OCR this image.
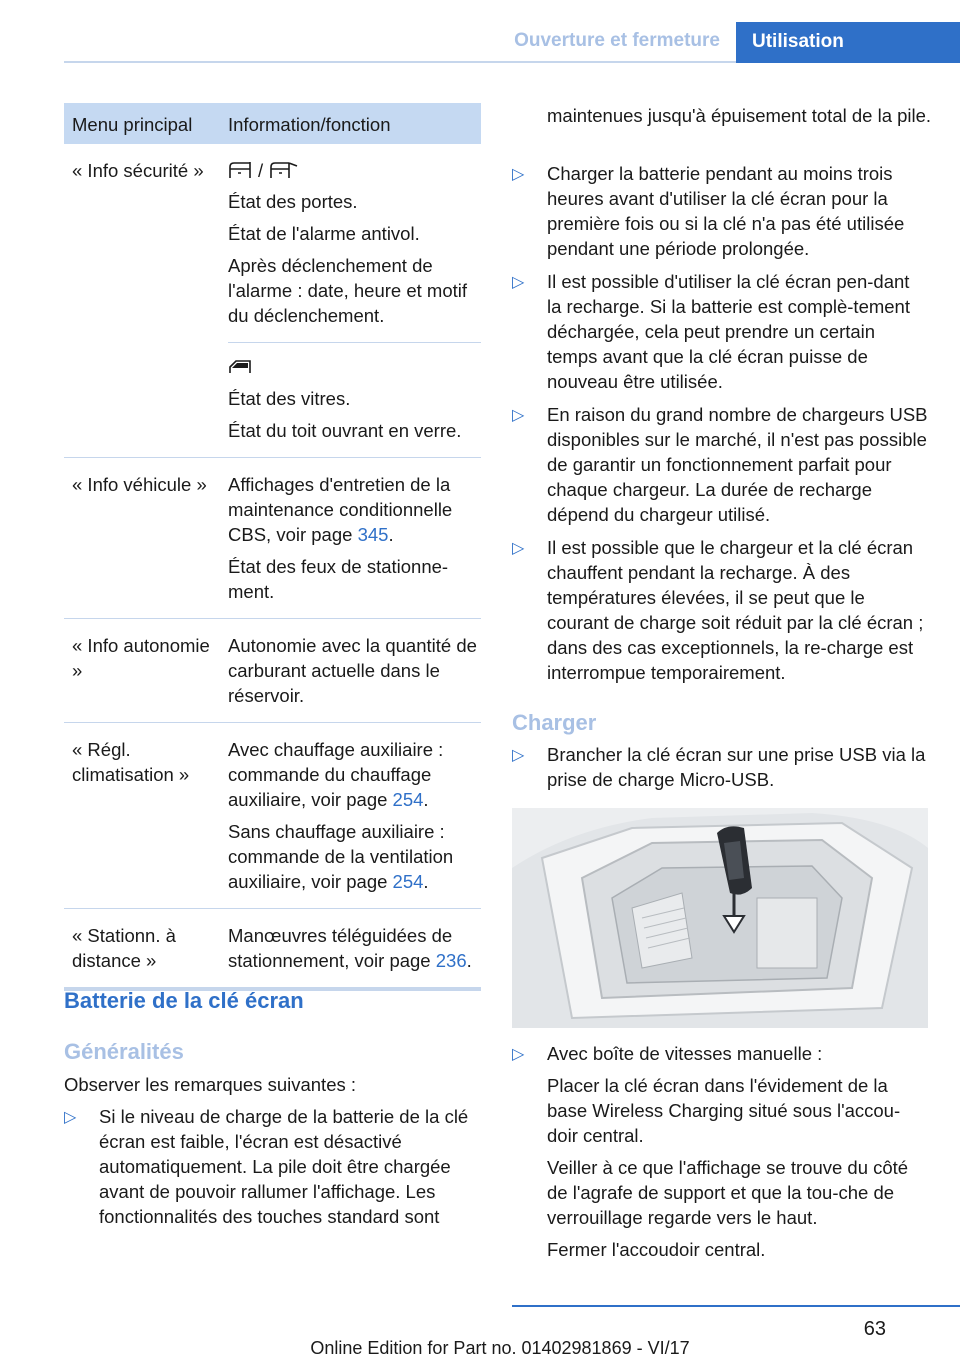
Ouverture et fermeture Utilisation
Menu principal Information/fonction
« Info sécurité »	/

État des portes.

État de l'alarme antivol.

Après déclenchement de l'alarme : date, heure et motif du déclenchement.

État des vitres.

État du toit ouvrant en verre.

« Info véhicule »	Affichages d'entretien de la maintenance conditionnelle CBS, voir page 345.

État des feux de stationne‐ment.

« Info autonomie »

Autonomie avec la quantité de carburant actuelle dans le réservoir.

« Régl. climatisation »

Avec chauffage auxiliaire : commande du chauffage auxiliaire, voir page 254.

Sans chauffage auxiliaire : commande de la ventilation auxiliaire, voir page 254.

« Stationn. à distance »

Manœuvres téléguidées de stationnement, voir page 236.

Batterie de la clé écran
Généralités
Observer les remarques suivantes :
▷ Si le niveau de charge de la batterie de la clé écran est faible, l'écran est désactivé automatiquement. La pile doit être chargée avant de pouvoir rallumer l'affichage. Les fonctionnalités des touches standard sont
maintenues jusqu'à épuisement total de la pile.
▷ Charger la batterie pendant au moins trois heures avant d'utiliser la clé écran pour la première fois ou si la clé n'a pas été utilisée pendant une période prolongée.
▷ Il est possible d'utiliser la clé écran pen‐dant la recharge. Si la batterie est complè‐tement déchargée, cela peut prendre un certain temps avant que la clé écran puisse de nouveau être utilisée.
▷ En raison du grand nombre de chargeurs USB disponibles sur le marché, il n'est pas possible de garantir un fonctionnement parfait pour chaque chargeur. La durée de recharge dépend du chargeur utilisé.
▷ Il est possible que le chargeur et la clé écran chauffent pendant la recharge. À des températures élevées, il se peut que le courant de charge soit réduit par la clé écran ; dans des cas exceptionnels, la re‐charge est interrompue temporairement.
Charger
▷ Brancher la clé écran sur une prise USB via la prise de charge Micro-USB.
▷ Avec boîte de vitesses manuelle :

Placer la clé écran dans l'évidement de la base Wireless Charging situé sous l'accou‐doir central.

Veiller à ce que l'affichage se trouve du côté de l'agrafe de support et que la tou‐che de verrouillage regarde vers le haut.

Fermer l'accoudoir central.

63
Online Edition for Part no. 01402981869 - VI/17
